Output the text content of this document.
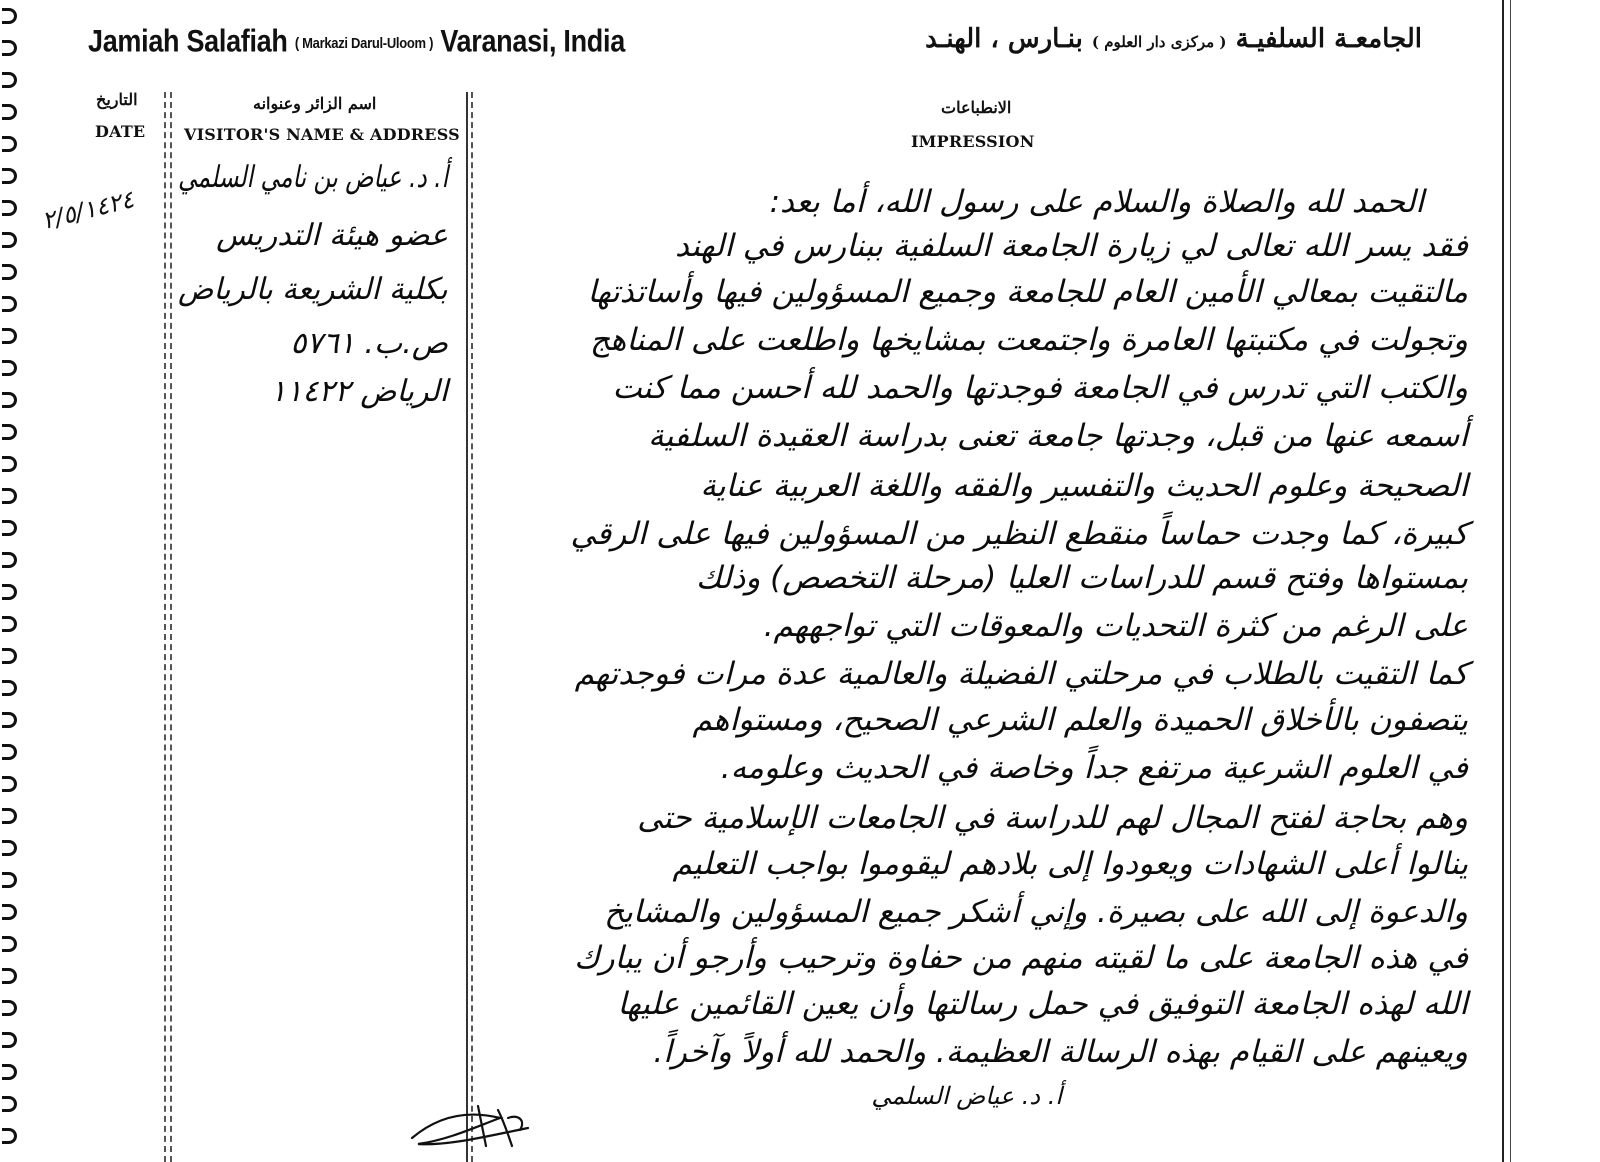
Jamiah Salafiah ( Markazi Darul-Uloom ) Varanasi, India	الجامعـة السلفيـة ( مركزى دار العلوم ) بنـارس ، الهنـد
التاريخ
DATE
اسم الزائر وعنوانه
VISITOR'S NAME & ADDRESS
الانطباعات
IMPRESSION
٢/٥/١٤٢٤
أ. د. عياض بن نامي السلمي
عضو هيئة التدريس
بكلية الشريعة بالرياض
ص.ب. ٥٧٦١
الرياض ١١٤٢٢
الحمد لله والصلاة والسلام على رسول الله، أما بعد:
فقد يسر الله تعالى لي زيارة الجامعة السلفية ببنارس في الهند
مالتقيت بمعالي الأمين العام للجامعة وجميع المسؤولين فيها وأساتذتها
وتجولت في مكتبتها العامرة واجتمعت بمشايخها واطلعت على المناهج
والكتب التي تدرس في الجامعة فوجدتها والحمد لله أحسن مما كنت
أسمعه عنها من قبل، وجدتها جامعة تعنى بدراسة العقيدة السلفية
الصحيحة وعلوم الحديث والتفسير والفقه واللغة العربية عناية
كبيرة، كما وجدت حماساً منقطع النظير من المسؤولين فيها على الرقي
بمستواها وفتح قسم للدراسات العليا (مرحلة التخصص) وذلك
على الرغم من كثرة التحديات والمعوقات التي تواجههم.
كما التقيت بالطلاب في مرحلتي الفضيلة والعالمية عدة مرات فوجدتهم
يتصفون بالأخلاق الحميدة والعلم الشرعي الصحيح، ومستواهم
في العلوم الشرعية مرتفع جداً وخاصة في الحديث وعلومه.
وهم بحاجة لفتح المجال لهم للدراسة في الجامعات الإسلامية حتى
ينالوا أعلى الشهادات ويعودوا إلى بلادهم ليقوموا بواجب التعليم
والدعوة إلى الله على بصيرة. وإني أشكر جميع المسؤولين والمشايخ
في هذه الجامعة على ما لقيته منهم من حفاوة وترحيب وأرجو أن يبارك
الله لهذه الجامعة التوفيق في حمل رسالتها وأن يعين القائمين عليها
ويعينهم على القيام بهذه الرسالة العظيمة. والحمد لله أولاً وآخراً.
أ. د. عياض السلمي
